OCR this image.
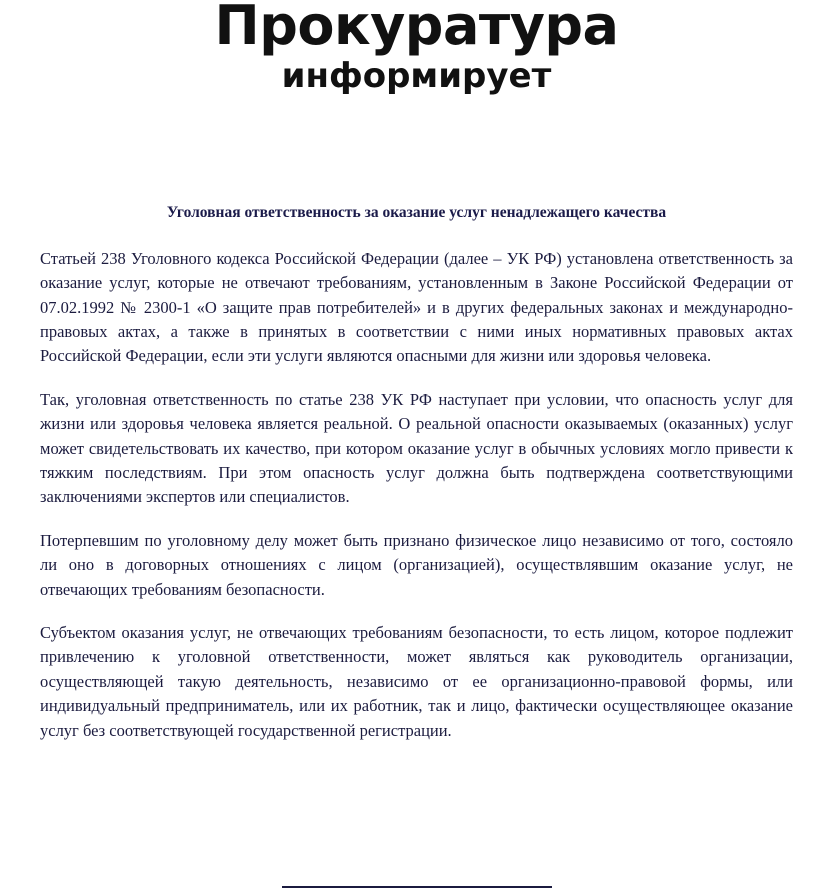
Прокуратура
информирует
Уголовная ответственность за оказание услуг ненадлежащего качества

Статьей 238 Уголовного кодекса Российской Федерации (далее – УК РФ) установлена ответственность за оказание услуг, которые не отвечают требованиям, установленным в Законе Российской Федерации от 07.02.1992 № 2300-1 «О защите прав потребителей» и в других федеральных законах и международно-правовых актах, а также в принятых в соответствии с ними иных нормативных правовых актах Российской Федерации, если эти услуги являются опасными для жизни или здоровья человека.

Так, уголовная ответственность по статье 238 УК РФ наступает при условии, что опасность услуг для жизни или здоровья человека является реальной. О реальной опасности оказываемых (оказанных) услуг может свидетельствовать их качество, при котором оказание услуг в обычных условиях могло привести к тяжким последствиям. При этом опасность услуг должна быть подтверждена соответствующими заключениями экспертов или специалистов.

Потерпевшим по уголовному делу может быть признано физическое лицо независимо от того, состояло ли оно в договорных отношениях с лицом (организацией), осуществлявшим оказание услуг, не отвечающих требованиям безопасности.

Субъектом оказания услуг, не отвечающих требованиям безопасности, то есть лицом, которое подлежит привлечению к уголовной ответственности, может являться как руководитель организации, осуществляющей такую деятельность, независимо от ее организационно-правовой формы, или индивидуальный предприниматель, или их работник, так и лицо, фактически осуществляющее оказание услуг без соответствующей государственной регистрации.
